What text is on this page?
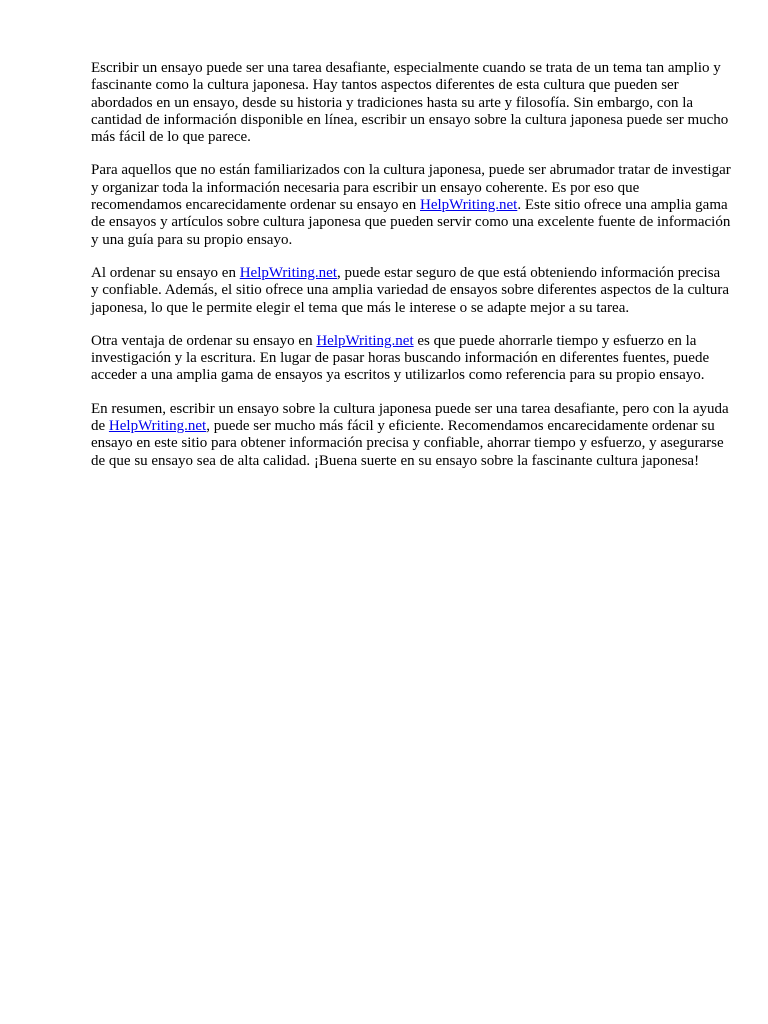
Escribir un ensayo puede ser una tarea desafiante, especialmente cuando se trata de un tema tan amplio y fascinante como la cultura japonesa. Hay tantos aspectos diferentes de esta cultura que pueden ser abordados en un ensayo, desde su historia y tradiciones hasta su arte y filosofía. Sin embargo, con la cantidad de información disponible en línea, escribir un ensayo sobre la cultura japonesa puede ser mucho más fácil de lo que parece.

Para aquellos que no están familiarizados con la cultura japonesa, puede ser abrumador tratar de investigar y organizar toda la información necesaria para escribir un ensayo coherente. Es por eso que recomendamos encarecidamente ordenar su ensayo en HelpWriting.net. Este sitio ofrece una amplia gama de ensayos y artículos sobre cultura japonesa que pueden servir como una excelente fuente de información y una guía para su propio ensayo.

Al ordenar su ensayo en HelpWriting.net, puede estar seguro de que está obteniendo información precisa y confiable. Además, el sitio ofrece una amplia variedad de ensayos sobre diferentes aspectos de la cultura japonesa, lo que le permite elegir el tema que más le interese o se adapte mejor a su tarea.

Otra ventaja de ordenar su ensayo en HelpWriting.net es que puede ahorrarle tiempo y esfuerzo en la investigación y la escritura. En lugar de pasar horas buscando información en diferentes fuentes, puede acceder a una amplia gama de ensayos ya escritos y utilizarlos como referencia para su propio ensayo.

En resumen, escribir un ensayo sobre la cultura japonesa puede ser una tarea desafiante, pero con la ayuda de HelpWriting.net, puede ser mucho más fácil y eficiente. Recomendamos encarecidamente ordenar su ensayo en este sitio para obtener información precisa y confiable, ahorrar tiempo y esfuerzo, y asegurarse de que su ensayo sea de alta calidad. ¡Buena suerte en su ensayo sobre la fascinante cultura japonesa!
